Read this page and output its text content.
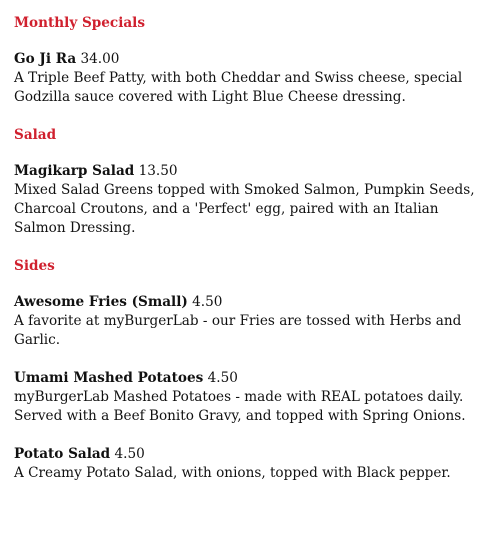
Monthly Specials
Go Ji Ra 34.00
A Triple Beef Patty, with both Cheddar and Swiss cheese, special Godzilla sauce covered with Light Blue Cheese dressing.
Salad
Magikarp Salad 13.50
Mixed Salad Greens topped with Smoked Salmon, Pumpkin Seeds, Charcoal Croutons, and a 'Perfect' egg, paired with an Italian Salmon Dressing.
Sides
Awesome Fries (Small) 4.50
A favorite at myBurgerLab - our Fries are tossed with Herbs and Garlic.
Umami Mashed Potatoes 4.50
myBurgerLab Mashed Potatoes - made with REAL potatoes daily. Served with a Beef Bonito Gravy, and topped with Spring Onions.
Potato Salad 4.50
A Creamy Potato Salad, with onions, topped with Black pepper.
